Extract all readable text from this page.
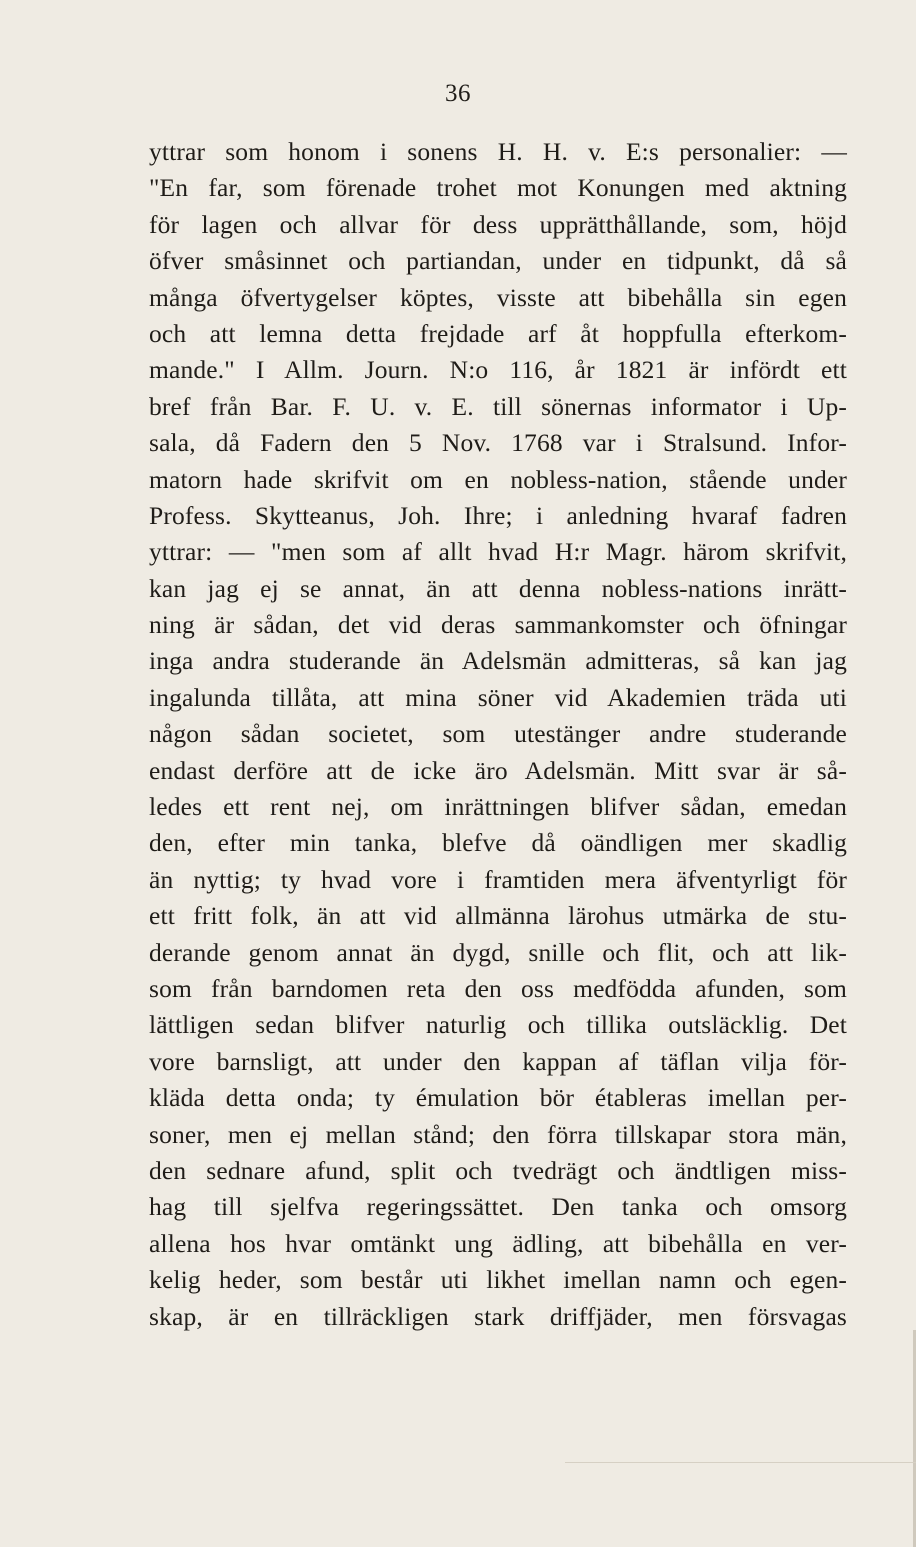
36
yttrar som honom i sonens H. H. v. E:s personalier: —
"En far, som förenade trohet mot Konungen med aktning
för lagen och allvar för dess upprätthållande, som, höjd
öfver småsinnet och partiandan, under en tidpunkt, då så
många öfvertygelser köptes, visste att bibehålla sin egen
och att lemna detta frejdade arf åt hoppfulla efterkom-
mande." I Allm. Journ. N:o 116, år 1821 är infördt ett
bref från Bar. F. U. v. E. till sönernas informator i Up-
sala, då Fadern den 5 Nov. 1768 var i Stralsund. Infor-
matorn hade skrifvit om en nobless-nation, stående under
Profess. Skytteanus, Joh. Ihre; i anledning hvaraf fadren
yttrar: — "men som af allt hvad H:r Magr. härom skrifvit,
kan jag ej se annat, än att denna nobless-nations inrätt-
ning är sådan, det vid deras sammankomster och öfningar
inga andra studerande än Adelsmän admitteras, så kan jag
ingalunda tillåta, att mina söner vid Akademien träda uti
någon sådan societet, som utestänger andre studerande
endast derföre att de icke äro Adelsmän. Mitt svar är så-
ledes ett rent nej, om inrättningen blifver sådan, emedan
den, efter min tanka, blefve då oändligen mer skadlig
än nyttig; ty hvad vore i framtiden mera äfventyrligt för
ett fritt folk, än att vid allmänna lärohus utmärka de stu-
derande genom annat än dygd, snille och flit, och att lik-
som från barndomen reta den oss medfödda afunden, som
lättligen sedan blifver naturlig och tillika outsläcklig. Det
vore barnsligt, att under den kappan af täflan vilja för-
kläda detta onda; ty émulation bör étableras imellan per-
soner, men ej mellan stånd; den förra tillskapar stora män,
den sednare afund, split och tvedrägt och ändtligen miss-
hag till sjelfva regeringssättet. Den tanka och omsorg
allena hos hvar omtänkt ung ädling, att bibehålla en ver-
kelig heder, som består uti likhet imellan namn och egen-
skap, är en tillräckligen stark driffjäder, men försvagas
